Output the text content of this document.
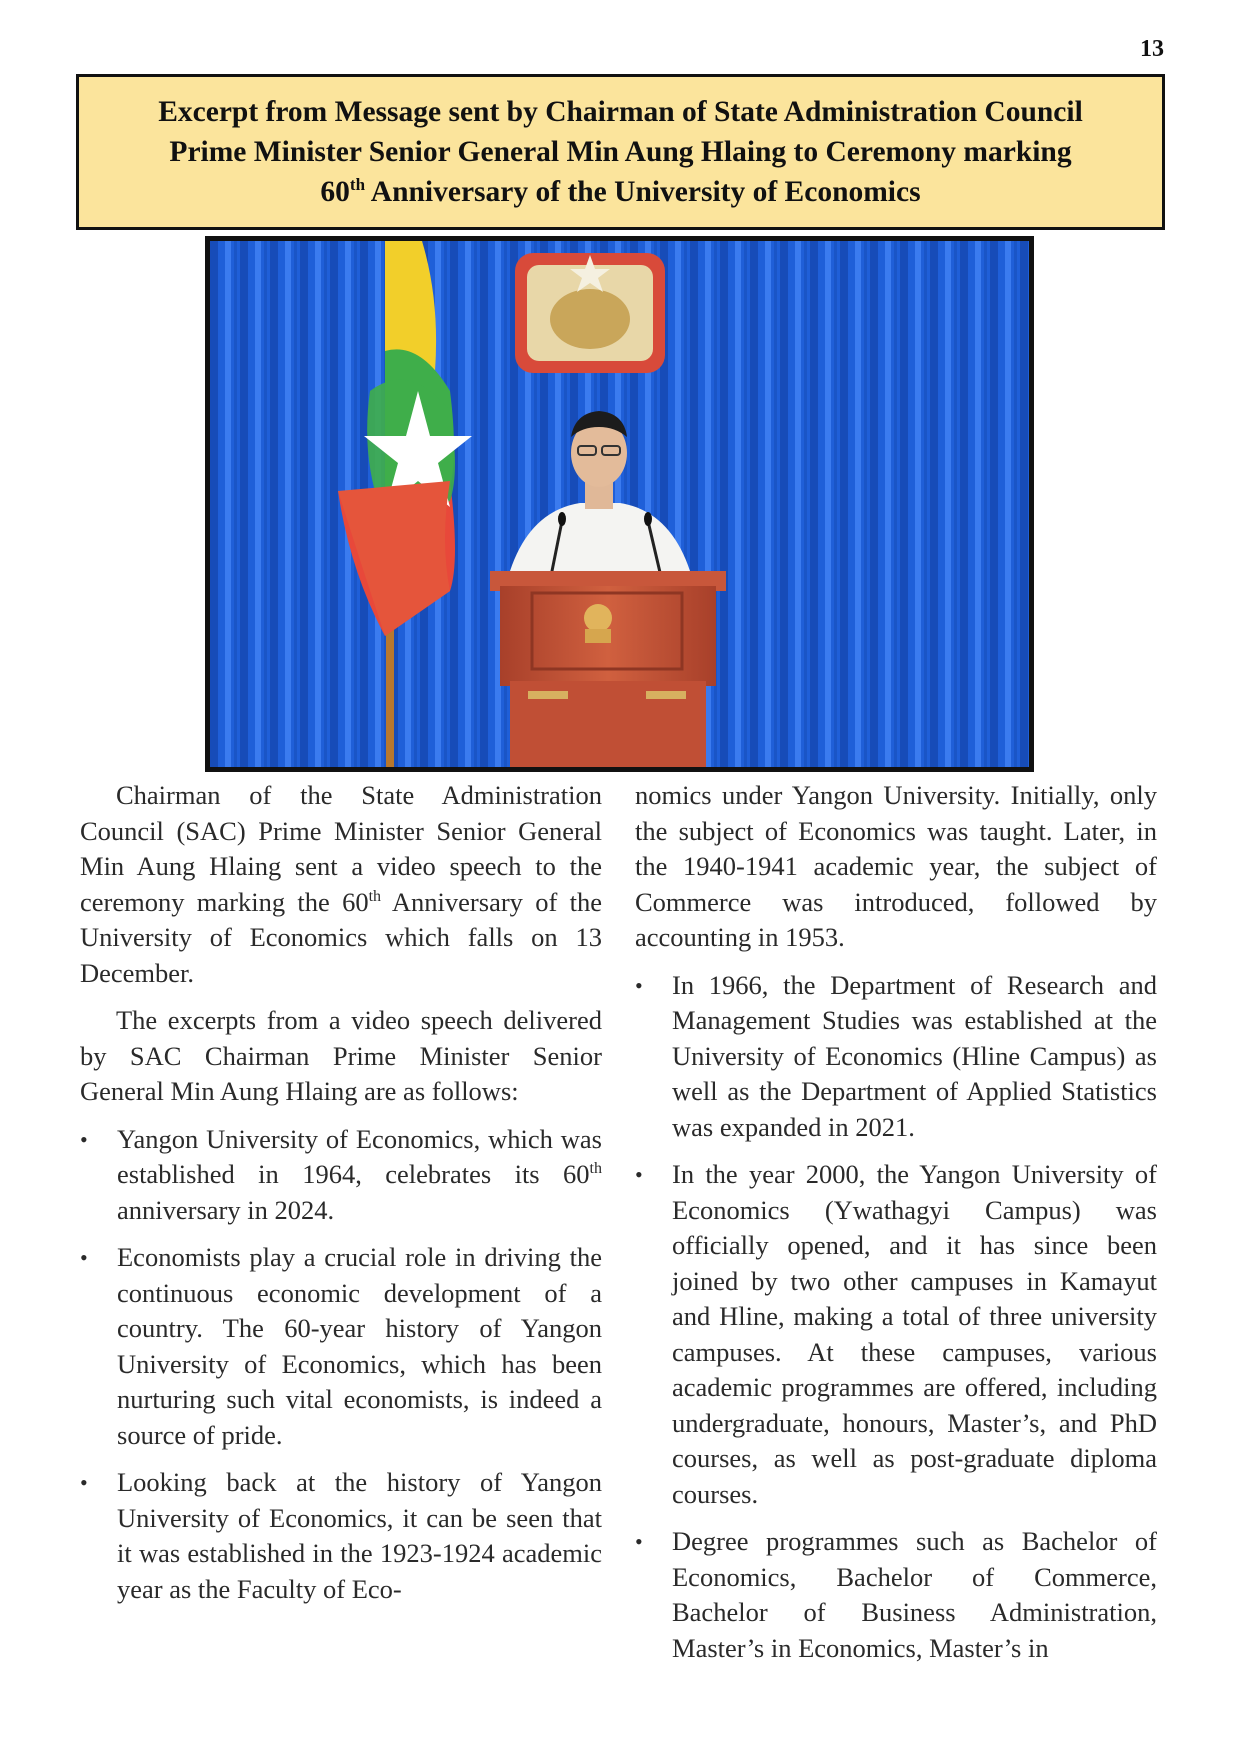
13
Excerpt from Message sent by Chairman of State Administration Council
Prime Minister Senior General Min Aung Hlaing to Ceremony marking
60th Anniversary of the University of Economics

Chairman of the State Administration Council (SAC) Prime Minister Senior General Min Aung Hlaing sent a video speech to the ceremony marking the 60th Anniversary of the University of Economics which falls on 13 December.

The excerpts from a video speech delivered by SAC Chairman Prime Minister Senior General Min Aung Hlaing are as follows:

• Yangon University of Economics, which was established in 1964, celebrates its 60th anniversary in 2024.
• Economists play a crucial role in driving the continuous economic development of a country. The 60-year history of Yangon University of Economics, which has been nurturing such vital economists, is indeed a source of pride.
• Looking back at the history of Yangon University of Economics, it can be seen that it was established in the 1923-1924 academic year as the Faculty of Eco-

nomics under Yangon University. Initially, only the subject of Economics was taught. Later, in the 1940-1941 academic year, the subject of Commerce was introduced, followed by accounting in 1953.

• In 1966, the Department of Research and Management Studies was established at the University of Economics (Hline Campus) as well as the Department of Applied Statistics was expanded in 2021.
• In the year 2000, the Yangon University of Economics (Ywathagyi Campus) was officially opened, and it has since been joined by two other campuses in Kamayut and Hline, making a total of three university campuses. At these campuses, various academic programmes are offered, including undergraduate, honours, Master’s, and PhD courses, as well as post-graduate diploma courses.
• Degree programmes such as Bachelor of Economics, Bachelor of Commerce, Bachelor of Business Administration, Master’s in Economics, Master’s in
